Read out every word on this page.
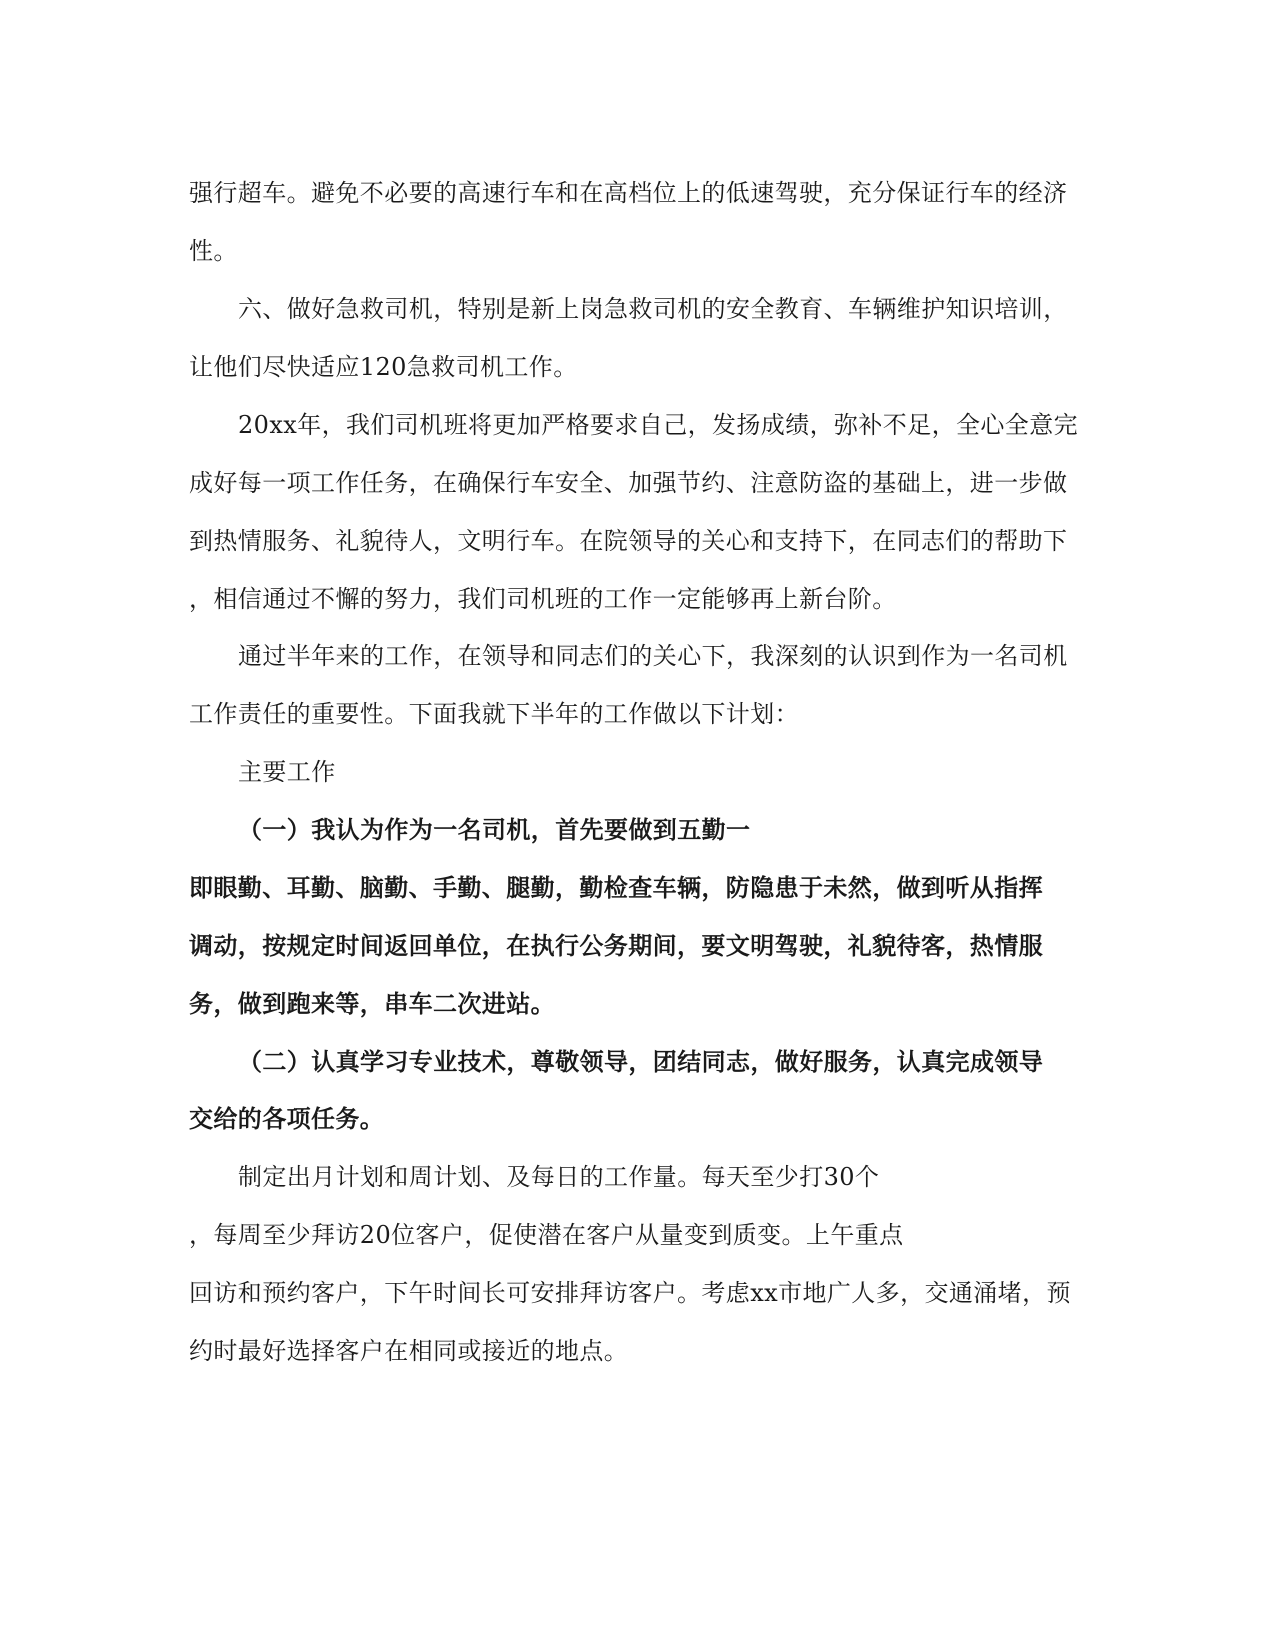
强行超车。避免不必要的高速行车和在高档位上的低速驾驶，充分保证行车的经济
性。
六、做好急救司机，特别是新上岗急救司机的安全教育、车辆维护知识培训，
让他们尽快适应120急救司机工作。
20xx年，我们司机班将更加严格要求自己，发扬成绩，弥补不足，全心全意完
成好每一项工作任务，在确保行车安全、加强节约、注意防盗的基础上，进一步做
到热情服务、礼貌待人，文明行车。在院领导的关心和支持下，在同志们的帮助下
，相信通过不懈的努力，我们司机班的工作一定能够再上新台阶。
通过半年来的工作，在领导和同志们的关心下，我深刻的认识到作为一名司机
工作责任的重要性。下面我就下半年的工作做以下计划：
主要工作
（一）我认为作为一名司机，首先要做到五勤一
即眼勤、耳勤、脑勤、手勤、腿勤，勤检查车辆，防隐患于未然，做到听从指挥
调动，按规定时间返回单位，在执行公务期间，要文明驾驶，礼貌待客，热情服
务，做到跑来等，串车二次进站。
（二）认真学习专业技术，尊敬领导，团结同志，做好服务，认真完成领导
交给的各项任务。
制定出月计划和周计划、及每日的工作量。每天至少打30个
，每周至少拜访20位客户，促使潜在客户从量变到质变。上午重点
回访和预约客户，下午时间长可安排拜访客户。考虑xx市地广人多，交通涌堵，预
约时最好选择客户在相同或接近的地点。
